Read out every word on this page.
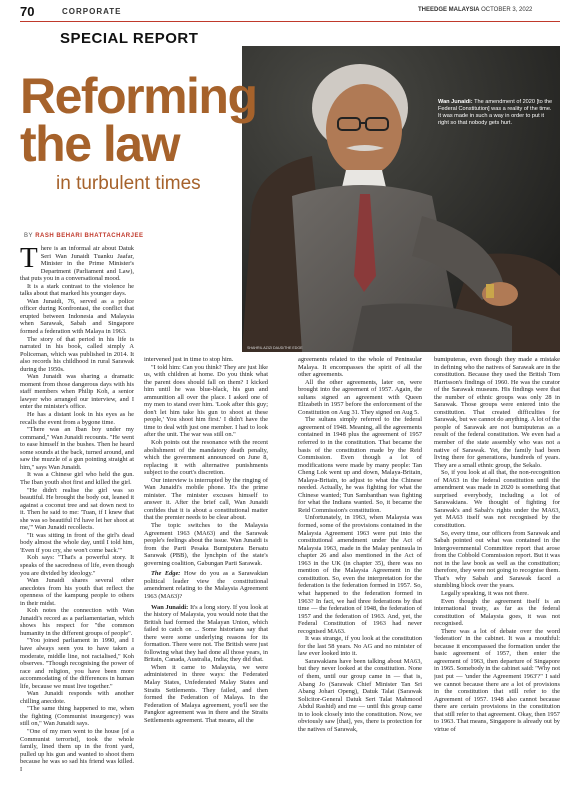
70	CORPORATE	THEEDGE MALAYSIA OCTOBER 3, 2022
SPECIAL REPORT
SHAHRIL AZIZI DAUD/THE EDGE
Wan Junaidi: The amendment of 2020 [to the Federal Constitution] was a reality of the time. It was made in such a way in order to put it right so that nobody gets hurt.
Reforming
the law
in turbulent times
BY RASH BEHARI BHATTACHARJEE

There is an informal air about Datuk Seri Wan Junaidi Tuanku Jaafar, Minister in the Prime Minister's Department (Parliament and Law), that puts you in a conversational mood.

It is a stark contrast to the violence he talks about that marked his younger days.

Wan Junaidi, 76, served as a police officer during Konfrontasi, the conflict that erupted between Indonesia and Malaysia when Sarawak, Sabah and Singapore formed a federation with Malaya in 1963.

The story of that period in his life is narrated in his book, called simply A Policeman, which was published in 2014. It also records his childhood in rural Sarawak during the 1950s.

Wan Junaidi was sharing a dramatic moment from those dangerous days with his staff members when Philip Koh, a senior lawyer who arranged our interview, and I enter the minister's office.

He has a distant look in his eyes as he recalls the event from a bygone time.

"There was an Iban boy under my command," Wan Junaidi recounts. "He went to ease himself in the bushes. Then he heard some sounds at the back, turned around, and saw the muzzle of a gun pointing straight at him," says Wan Junaidi.

It was a Chinese girl who held the gun. The Iban youth shot first and killed the girl.

"He didn't realise the girl was so beautiful. He brought the body out, leaned it against a coconut tree and sat down next to it. Then he said to me: 'Tuan, if I knew that she was so beautiful I'd have let her shoot at me,'" Wan Junaidi recollects.

"It was sitting in front of the girl's dead body almost the whole day, until I told him, 'Even if you cry, she won't come back.'"

Koh says: "That's a powerful story. It speaks of the sacredness of life, even though you are divided by ideology."

Wan Junaidi shares several other anecdotes from his youth that reflect the openness of the kampung people to others in their midst.

Koh notes the connection with Wan Junaidi's record as a parliamentarian, which shows his respect for "the common humanity in the different groups of people".

"You joined parliament in 1990, and I have always seen you to have taken a moderate, middle line, not racialised," Koh observes. "Though recognising the power of race and religion, you have been more accommodating of the differences in human life, because we must live together."

Wan Junaidi responds with another chilling anecdote.

"The same thing happened to me, when the fighting (Communist insurgency) was still on," Wan Junaidi says.

"One of my men went to the house [of a Communist terrorist], took the whole family, lined them up in the front yard, pulled up his gun and wanted to shoot them because he was so sad his friend was killed. I

intervened just in time to stop him.

"I told him: Can you think? They are just like us, with children at home. Do you think what the parent does should fall on them? I kicked him until he was blue-black, his gun and ammunition all over the place. I asked one of my men to stand over him. 'Look after this guy; don't let him take his gun to shoot at these people,' You shoot him first.' I didn't have the time to deal with just one member. I had to look after the unit. The war was still on."

Koh points out the resonance with the recent abolishment of the mandatory death penalty, which the government announced on June 8, replacing it with alternative punishments subject to the court's discretion.

Our interview is interrupted by the ringing of Wan Junaidi's mobile phone. It's the prime minister. The minister excuses himself to answer it. After the brief call, Wan Junaidi confides that it is about a constitutional matter that the premier needs to be clear about.

The topic switches to the Malaysia Agreement 1963 (MA63) and the Sarawak people's feelings about the issue. Wan Junaidi is from the Parti Pesaka Bumiputera Bersatu Sarawak (PBB), the lynchpin of the state's governing coalition, Gabungan Parti Sarawak.

The Edge: How do you as a Sarawakian political leader view the constitutional amendment relating to the Malaysia Agreement 1963 (MA63)?

Wan Junaidi: It's a long story. If you look at the history of Malaysia, you would note that the British had formed the Malayan Union, which failed to catch on ... Some historians say that there were some underlying reasons for its formation. There were not. The British were just following what they had done all those years, in Britain, Canada, Australia, India; they did that.

When it came to Malaysia, we were administered in three ways: the Federated Malay States, Unfederated Malay States and Straits Settlements. They failed, and then formed the Federation of Malaya. In the Federation of Malaya agreement, you'll see the Pangkor agreement was in there and the Straits Settlements agreement. That means, all the

agreements related to the whole of Peninsular Malaya. It encompasses the spirit of all the other agreements.

All the other agreements, later on, were brought into the agreement of 1957. Again, the sultans signed an agreement with Queen Elizabeth in 1957 before the enforcement of the Constitution on Aug 31. They signed on Aug 5.

The sultans simply referred to the federal agreement of 1948. Meaning, all the agreements contained in 1948 plus the agreement of 1957 referred to in the constitution. That became the basis of the constitution made by the Reid Commission. Even though a lot of modifications were made by many people: Tan Cheng Lok went up and down, Malaya-Britain, Malaya-Britain, to adjust to what the Chinese needed. Actually, he was fighting for what the Chinese wanted; Tun Sambanthan was fighting for what the Indians wanted. So, it became the Reid Commission's constitution.

Unfortunately, in 1963, when Malaysia was formed, some of the provisions contained in the Malaysia Agreement 1963 were put into the constitutional amendment under the Act of Malaysia 1963, made in the Malay peninsula in chapter 26 and also mentioned in the Act of 1963 in the UK (in chapter 35), there was no mention of the Malaysia Agreement in the constitution. So, even the interpretation for the federation is the federation formed in 1957. So, what happened to the federation formed in 1963? In fact, we had three federations by that time — the federation of 1948, the federation of 1957 and the federation of 1963. And, yet, the Federal Constitution of 1963 had never recognised MA63.

It was strange, if you look at the constitution for the last 58 years. No AG and no minister of law ever looked into it.

Sarawakians have been talking about MA63, but they never looked at the constitution. None of them, until our group came in — that is, Abang Jo (Sarawak Chief Minister Tan Sri Abang Johari Openg), Datuk Talat (Sarawak Solicitor-General Datuk Seri Talat Mahmood Abdul Rashid) and me — until this group came in to look closely into the constitution. Now, we obviously saw [that], yes, there is protection for the natives of Sarawak,

bumiputeras, even though they made a mistake in defining who the natives of Sarawak are in the constitution. Because they used the British Tom Harrisson's findings of 1960. He was the curator of the Sarawak museum. His findings were that the number of ethnic groups was only 28 in Sarawak. Those groups were entered into the constitution. That created difficulties for Sarawak, but we cannot do anything. A lot of the people of Sarawak are not bumiputeras as a result of the federal constitution. We even had a member of the state assembly who was not a native of Sarawak. Yet, the family had been living there for generations, hundreds of years. They are a small ethnic group, the Sekalo.

So, if you look at all that, the non-recognition of MA63 in the federal constitution until the amendment was made in 2020 is something that surprised everybody, including a lot of Sarawakians. We thought of fighting for Sarawak's and Sabah's rights under the MA63, yet MA63 itself was not recognised by the constitution.

So, every time, our officers from Sarawak and Sabah pointed out what was contained in the Intergovernmental Committee report that arose from the Cobbold Commission report. But it was not in the law book as well as the constitution; therefore, they were not going to recognise them. That's why Sabah and Sarawak faced a stumbling block over the years.

Legally speaking, it was not there.

Even though the agreement itself is an international treaty, as far as the federal constitution of Malaysia goes, it was not recognised.

There was a lot of debate over the word 'federation' in the cabinet. It was a mouthful: because it encompassed the formation under the basic agreement of 1957, then enter the agreement of 1963, then departure of Singapore in 1965. Somebody in the cabinet said: "Why not just put — 'under the Agreement 1963'?" I said we cannot because there are a lot of provisions in the constitution that still refer to the Agreement of 1957. 1948 also cannot because there are certain provisions in the constitution that still refer to that agreement. Okay, then 1957 to 1963. That means, Singapore is already out by virtue of
